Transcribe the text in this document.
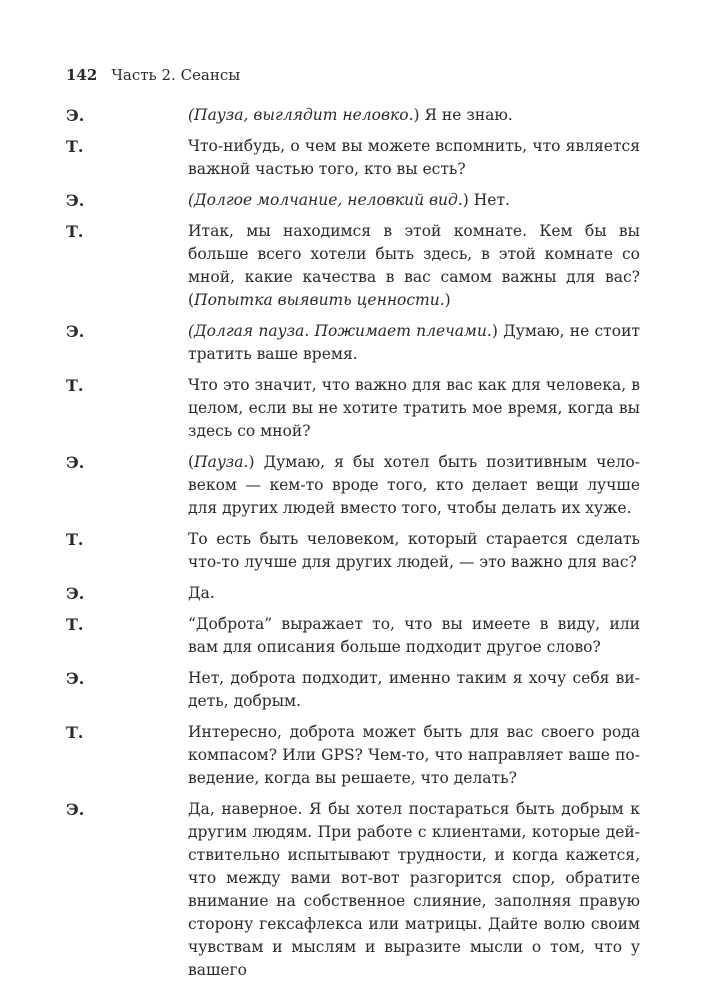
142 Часть 2. Сеансы
Э.	(Пауза, выглядит неловко.) Я не знаю.
Т.	Что-нибудь, о чем вы можете вспомнить, что является важной частью того, кто вы есть?
Э.	(Долгое молчание, неловкий вид.) Нет.
Т.	Итак, мы находимся в этой комнате. Кем бы вы больше всего хотели быть здесь, в этой комнате со мной, какие качества в вас самом важны для вас? (Попытка выявить ценности.)
Э.	(Долгая пауза. Пожимает плечами.) Думаю, не стоит тратить ваше время.
Т.	Что это значит, что важно для вас как для человека, в целом, если вы не хотите тратить мое время, когда вы здесь со мной?
Э.	(Пауза.) Думаю, я бы хотел быть позитивным человеком — кем-то вроде того, кто делает вещи лучше для других людей вместо того, чтобы делать их хуже.
Т.	То есть быть человеком, который старается сделать что-то лучше для других людей, — это важно для вас?
Э.	Да.
Т.	“Доброта” выражает то, что вы имеете в виду, или вам для описания больше подходит другое слово?
Э.	Нет, доброта подходит, именно таким я хочу себя видеть, добрым.
Т.	Интересно, доброта может быть для вас своего рода компасом? Или GPS? Чем-то, что направляет ваше поведение, когда вы решаете, что делать?
Э.	Да, наверное. Я бы хотел постараться быть добрым к другим людям. При работе с клиентами, которые действительно испытывают трудности, и когда кажется, что между вами вот-вот разгорится спор, обратите внимание на собственное слияние, заполняя правую сторону гексафлекса или матрицы. Дайте волю своим чувствам и мыслям и выразите мысли о том, что у вашего
